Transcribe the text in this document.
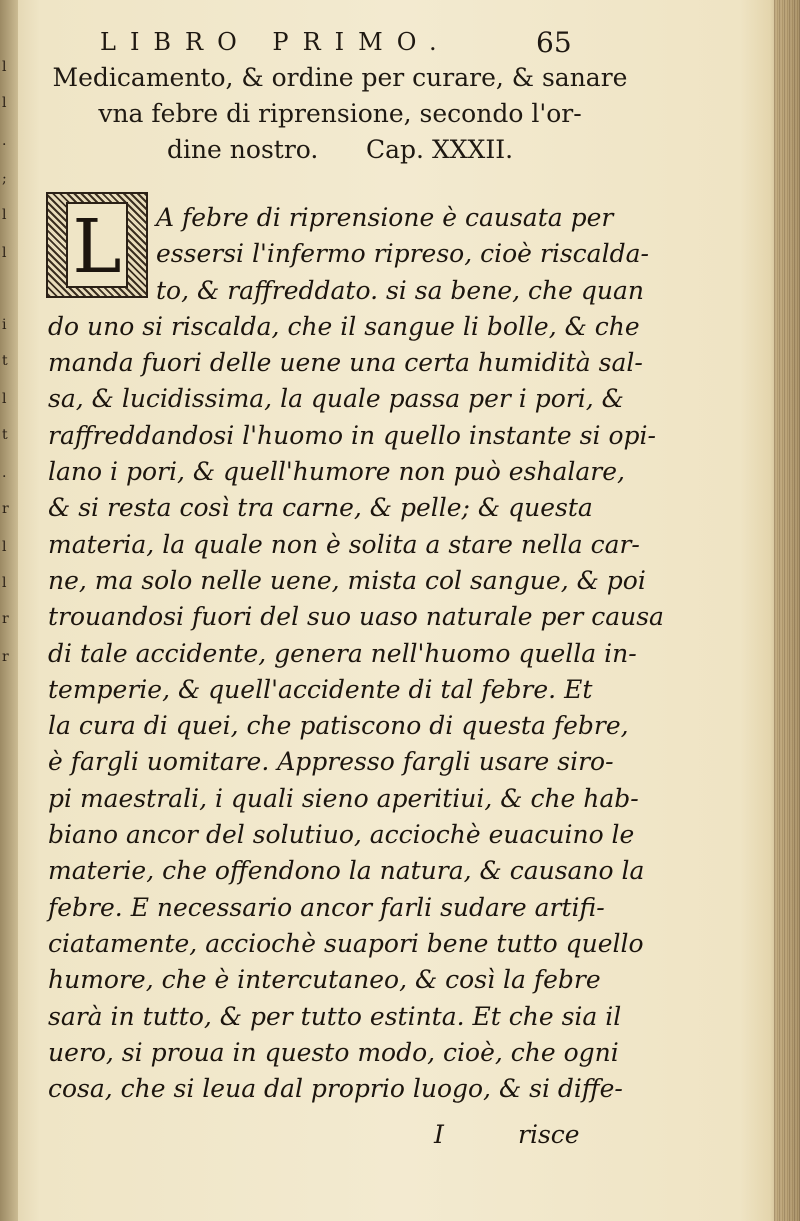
l
l
.
;
l
l
i
t
l
t
.
r
l
l
r
r
LIBRO PRIMO.	65
Medicamento, & ordine per curare, & sanare
vna febre di riprensione, secondo l'or-
dine nostro.      Cap. XXXII.
L	A febre di riprensione è causata per
essersi l'infermo ripreso, cioè riscalda-
to, & raffreddato. si sa bene, che quan
do uno si riscalda, che il sangue li bolle, & che
manda fuori delle uene una certa humidità sal-
sa, & lucidissima, la quale passa per i pori, &
raffreddandosi l'huomo in quello instante si opi-
lano i pori, & quell'humore non può eshalare,
& si resta così tra carne, & pelle; & questa
materia, la quale non è solita a stare nella car-
ne, ma solo nelle uene, mista col sangue, & poi
trouandosi fuori del suo uaso naturale per causa
di tale accidente, genera nell'huomo quella in-
temperie, & quell'accidente di tal febre. Et
la cura di quei, che patiscono di questa febre,
è fargli uomitare. Appresso fargli usare siro-
pi maestrali, i quali sieno aperitiui, & che hab-
biano ancor del solutiuo, acciochè euacuino le
materie, che offendono la natura, & causano la
febre. E necessario ancor farli sudare artifi-
ciatamente, acciochè suapori bene tutto quello
humore, che è intercutaneo, & così la febre
sarà in tutto, & per tutto estinta. Et che sia il
uero, si proua in questo modo, cioè, che ogni
cosa, che si leua dal proprio luogo, & si diffe-
I	risce
